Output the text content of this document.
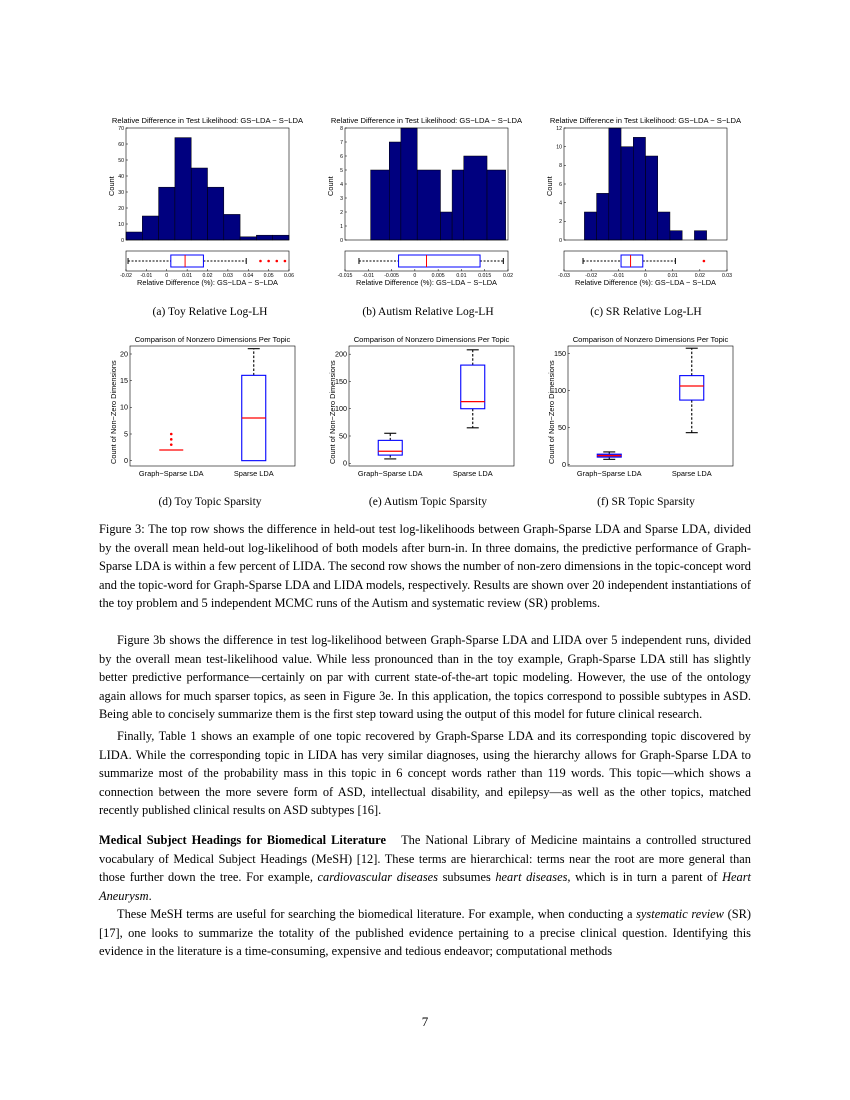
Relative Difference in Test Likelihood: GS−LDA − S−LDA
0
10
20
30
40
50
60
70
Count
-0.02 -0.01	0	0.01 0.02 0.03 0.04 0.05 0.06
Relative Difference (%): GS−LDA − S−LDA
(a) Toy Relative Log-LH
Relative Difference in Test Likelihood: GS−LDA − S−LDA
0
1
2
3
4
5
6
7
8
Count
-0.015 -0.01 -0.005	0	0.005 0.01 0.015 0.02
Relative Difference (%): GS−LDA − S−LDA
(b) Autism Relative Log-LH
Relative Difference in Test Likelihood: GS−LDA − S−LDA
0
2
4
6
8
10
12
Count
-0.03	-0.02	-0.01	0	0.01	0.02	0.03
Relative Difference (%): GS−LDA − S−LDA
(c) SR Relative Log-LH
Comparison of Nonzero Dimensions Per Topic
0
5
10
15
20
Count of Non−Zero Dimensions
Graph−Sparse LDA	Sparse LDA
(d) Toy Topic Sparsity
Comparison of Nonzero Dimensions Per Topic
0
50
100
150
200
Count of Non−Zero Dimensions
Graph−Sparse LDA	Sparse LDA
(e) Autism Topic Sparsity
Comparison of Nonzero Dimensions Per Topic
0
50
100
150
Count of Non−Zero Dimensions
Graph−Sparse LDA	Sparse LDA
(f) SR Topic Sparsity

Figure 3: The top row shows the difference in held-out test log-likelihoods between Graph-Sparse LDA and Sparse LDA, divided by the overall mean held-out log-likelihood of both models after burn-in. In three domains, the predictive performance of Graph-Sparse LDA is within a few percent of LIDA. The second row shows the number of non-zero dimensions in the topic-concept word and the topic-word for Graph-Sparse LDA and LIDA models, respectively. Results are shown over 20 independent instantiations of the toy problem and 5 independent MCMC runs of the Autism and systematic review (SR) problems.

Figure 3b shows the difference in test log-likelihood between Graph-Sparse LDA and LIDA over 5 independent runs, divided by the overall mean test-likelihood value. While less pronounced than in the toy example, Graph-Sparse LDA still has slightly better predictive performance—certainly on par with current state-of-the-art topic modeling. However, the use of the ontology again allows for much sparser topics, as seen in Figure 3e. In this application, the topics correspond to possible subtypes in ASD. Being able to concisely summarize them is the first step toward using the output of this model for future clinical research.

Finally, Table 1 shows an example of one topic recovered by Graph-Sparse LDA and its corresponding topic discovered by LIDA. While the corresponding topic in LIDA has very similar diagnoses, using the hierarchy allows for Graph-Sparse LDA to summarize most of the probability mass in this topic in 6 concept words rather than 119 words. This topic—which shows a connection between the more severe form of ASD, intellectual disability, and epilepsy—as well as the other topics, matched recently published clinical results on ASD subtypes [16].

Medical Subject Headings for Biomedical Literature The National Library of Medicine maintains a controlled structured vocabulary of Medical Subject Headings (MeSH) [12]. These terms are hierarchical: terms near the root are more general than those further down the tree. For example, cardiovascular diseases subsumes heart diseases, which is in turn a parent of Heart Aneurysm.

These MeSH terms are useful for searching the biomedical literature. For example, when conducting a systematic review (SR) [17], one looks to summarize the totality of the published evidence pertaining to a precise clinical question. Identifying this evidence in the literature is a time-consuming, expensive and tedious endeavor; computational methods

7
